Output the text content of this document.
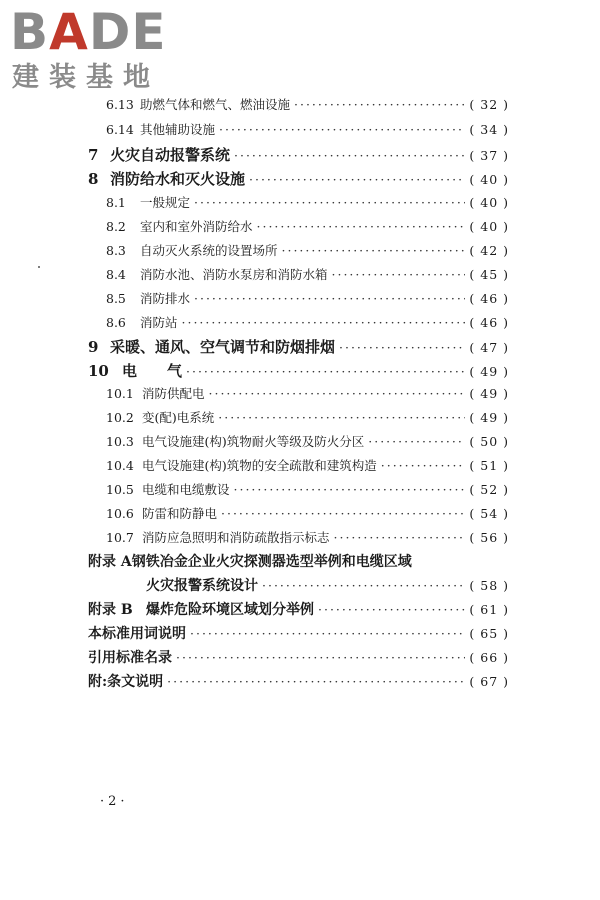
BADE
建装基地
6.13 助燃气体和燃气、燃油设施 ·····	( 32 )
6.14 其他辅助设施 ·····	( 34 )
7 火灾自动报警系统 ·····	( 37 )
8 消防给水和灭火设施 ·····	( 40 )
8.1	一般规定 ·····	( 40 )
8.2	室内和室外消防给水 ·····	( 40 )
8.3	自动灭火系统的设置场所 ·····	( 42 )
8.4	消防水池、消防水泵房和消防水箱 ·····	( 45 )
8.5	消防排水 ·····	( 46 )
8.6	消防站 ·····	( 46 )
9 采暖、通风、空气调节和防烟排烟 ·····	( 47 )
10 电　　气 ·····	( 49 )
10.1 消防供配电 ·····	( 49 )
10.2 变(配)电系统 ·····	( 49 )
10.3 电气设施建(构)筑物耐火等级及防火分区 ·····	( 50 )
10.4 电气设施建(构)筑物的安全疏散和建筑构造 ·····	( 51 )
10.5 电缆和电缆敷设 ·····	( 52 )
10.6 防雷和防静电 ·····	( 54 )
10.7 消防应急照明和消防疏散指示标志 ·····	( 56 )
附录 A 钢铁冶金企业火灾探测器选型举例和电缆区域
火灾报警系统设计 ·····	( 58 )
附录 B 爆炸危险环境区域划分举例 ·····	( 61 )
本标准用词说明 ·····	( 65 )
引用标准名录 ·····	( 66 )
附:条文说明 ·····	( 67 )
·2·
